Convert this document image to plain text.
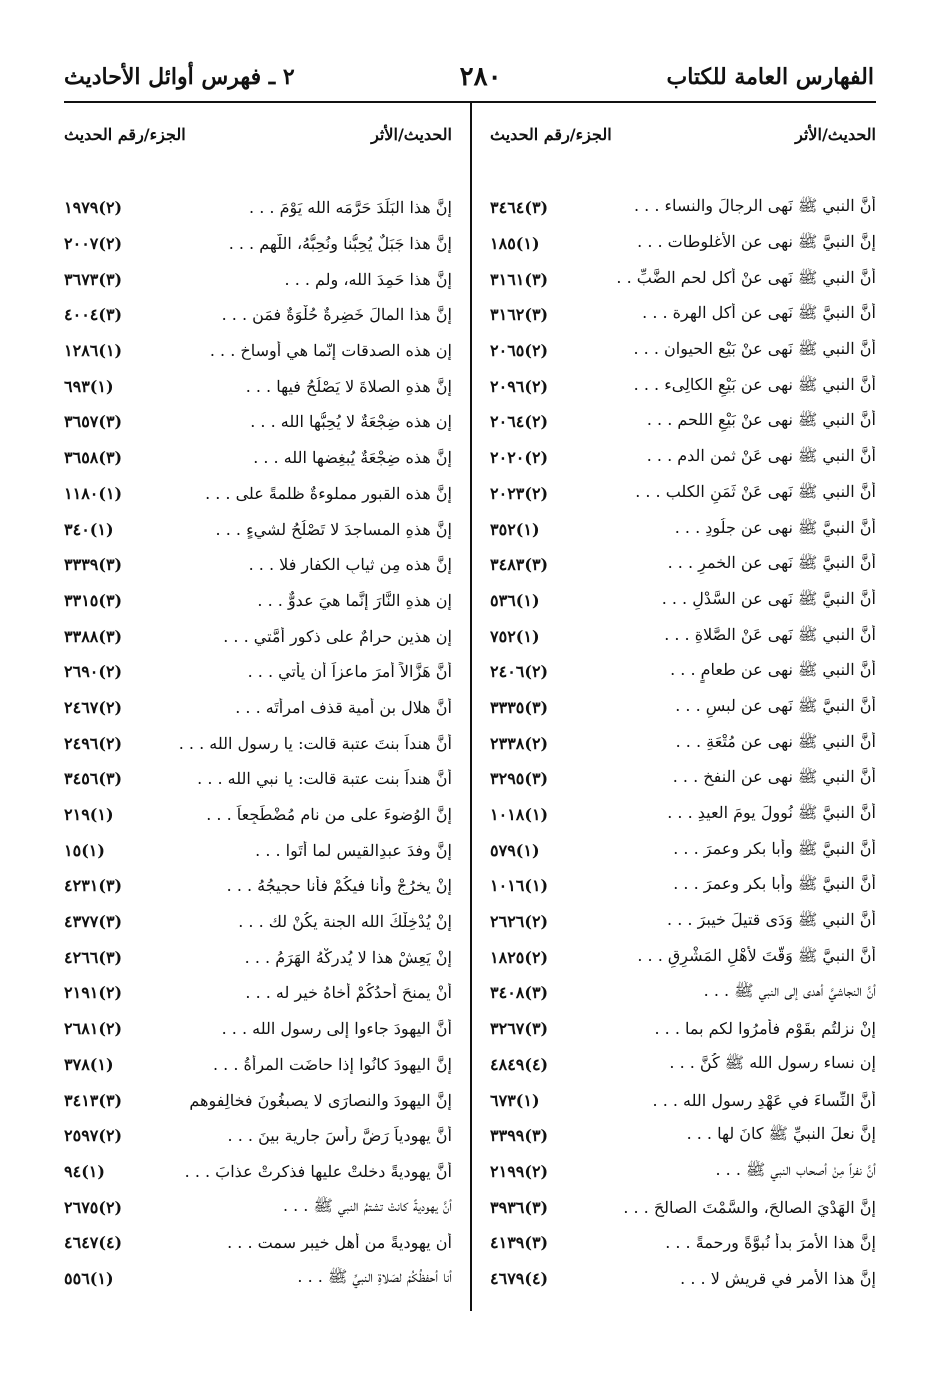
الفهارس العامة للكتاب
٢٨٠
٢ ـ فهرس أوائل الأحاديث
الحديث/الأثر
الجزء/رقم الحديث
الحديث/الأثر
الجزء/رقم الحديث
أنَّ النبي ﷺ نَهى الرجالَ والنساء . . .
(٣)٣٤٦٤
إنَّ النبيَّ ﷺ نهى عن الأغلوطات . . .
(١)١٨٥
أنَّ النبي ﷺ نَهى عنْ أكل لحم الضَّبِّ . .
(٣)٣١٦١
أنَّ النبيَّ ﷺ نَهى عن أكل الهرة . . .
(٣)٣١٦٢
أنَّ النبي ﷺ نَهى عنْ بَيْع الحيوان . . .
(٢)٢٠٦٥
أنَّ النبي ﷺ نهى عن بَيْعِ الكالِىء . . .
(٢)٢٠٩٦
أنَّ النبي ﷺ نهى عنْ بَيْعِ اللحم . . .
(٢)٢٠٦٤
أنَّ النبي ﷺ نهى عَنْ ثمن الدم . . .
(٢)٢٠٢٠
أنَّ النبي ﷺ نَهى عَنْ ثَمَنِ الكلب . . .
(٢)٢٠٢٣
أنَّ النبيَّ ﷺ نهى عن جلُودِ . . .
(١)٣٥٢
أنَّ النبيَّ ﷺ نَهى عن الخمرِ . . .
(٣)٣٤٨٣
أنَّ النبيَّ ﷺ نَهى عن السَّدْلِ . . .
(١)٥٣٦
أنَّ النبي ﷺ نَهى عَنْ الصَّلاةِ . . .
(١)٧٥٢
أنَّ النبي ﷺ نهى عن طعامٍ . . .
(٢)٢٤٠٦
أنَّ النبيَّ ﷺ نَهى عن لبسِ . . .
(٣)٣٣٣٥
أنَّ النبي ﷺ نهى عن مُتْعَةِ . . .
(٢)٢٣٣٨
أنَّ النبي ﷺ نهى عن النفخ . . .
(٣)٣٢٩٥
أنَّ النبيَّ ﷺ نُوولَ يومَ العيدِ . . .
(١)١٠١٨
أنَّ النبيَّ ﷺ وأبا بكر وعمرَ . . .
(١)٥٧٩
أنَّ النبيَّ ﷺ وأبا بكر وعمرَ . . .
(١)١٠١٦
أنَّ النبي ﷺ وَدَى قتيلَ خيبرَ . . .
(٢)٢٦٢٦
أنَّ النبيَّ ﷺ وَقَّتَ لأهْلِ المَشْرِقِ . . .
(٢)١٨٢٥
أنَّ النجاشيَّ أهدى إلى النبي ﷺ . . .
(٣)٣٤٠٨
إنْ نزلتُم بقَوْمٍ فأمرُوا لكم بما . . .
(٣)٣٢٦٧
إن نساء رسول الله ﷺ كُنَّ . . .
(٤)٤٨٤٩
أنَّ النِّساءَ في عَهْدِ رسولِ الله . . .
(١)٦٧٣
إنَّ نعلَ النبيِّ ﷺ كانَ لها . . .
(٣)٣٣٩٩
أنَّ نفراً مِنْ أصحاب النبي ﷺ . . .
(٢)٢١٩٩
إنَّ الهَدْيَ الصالحَ، والسَّمْتَ الصالحَ . . .
(٣)٣٩٣٦
إنَّ هذا الأمرَ بدأ نُبوَّةً ورحمةً . . .
(٣)٤١٣٩
إنَّ هذا الأمر في قريشٍ لا . . .
(٤)٤٦٧٩
إنَّ هذا البَلَدَ حَرَّمَه الله يَوْمَ . . .
(٢)١٩٧٩
إنَّ هذا جَبَلٌ يُحِبُّنا ونُحِبُّهُ، اللَّهم . . .
(٢)٢٠٠٧
إنَّ هذا حَمِدَ الله، ولم . . .
(٣)٣٦٧٣
إنَّ هذا المالَ خَضِرةٌ حُلْوَةٌ فمَن . . .
(٣)٤٠٠٤
إن هذه الصدقات إنّما هي أوساخ . . .
(١)١٢٨٦
إنَّ هذهِ الصلاةَ لا يَصْلُحُ فيها . . .
(١)٦٩٣
إن هذه ضِجْعَةٌ لا يُحِبُّها الله . . .
(٣)٣٦٥٧
إنَّ هذه ضِجْعَةٌ يُبغِضها الله . . .
(٣)٣٦٥٨
إنَّ هذه القبور مملوءةٌ ظلمةً على . . .
(١)١١٨٠
إنَّ هذهِ المساجدَ لا تَصْلُحُ لشيءٍ . . .
(١)٣٤٠
إنَّ هذه مِن ثيابِ الكفارِ فلا . . .
(٣)٣٣٣٩
إن هذهِ النَّارَ إنَّما هيَ عدوٌّ . . .
(٣)٣٣١٥
إن هذين حرامٌ على ذكورِ أُمَّتي . . .
(٣)٣٣٨٨
أنَّ هَزَّالاً أمرَ ماعزاً أن يأتي . . .
(٢)٢٦٩٠
أنَّ هلال بن أُمية قذف امرأتَه . . .
(٢)٢٤٦٧
أنَّ هنداً بنتَ عتبة قالت: يا رسول الله . . .
(٢)٢٤٩٦
أنَّ هنداً بنت عتبة قالت: يا نبي الله . . .
(٣)٣٤٥٦
إنَّ الوُضوءَ على من نام مُضْطَجِعاً . . .
(١)٢١٩
إنَّ وفدَ عبدِالقيس لما أتَوا . . .
(١)١٥
إنْ يخرُجْ وأنا فيكُمْ فأنا حجيجُهُ . . .
(٣)٤٢٣١
إنْ يُدْخِلْكَ الله الجنة يكُنْ لك . . .
(٣)٤٣٧٧
إنْ يَعِشْ هذا لا يُدرِكْهُ الهَرَمُ . . .
(٣)٤٢٦٦
أنْ يمنحَ أحدُكُمْ أخاهُ خير له . . .
(٢)٢١٩١
أنَّ اليهودَ جاءوا إلى رسول الله . . .
(٢)٢٦٨١
إنَّ اليهودَ كانُوا إذا حاضَت المرأةُ . . .
(١)٣٧٨
إنَّ اليهودَ والنصارَى لا يصبغُونَ فخالِفوهم
(٣)٣٤١٣
أنَّ يهودياً رَضَّ رأسَ جارية بينَ . . .
(٢)٢٥٩٧
أنَّ يهوديةً دخلتْ عليها فذكرتْ عذابَ . . .
(١)٩٤
أنَّ يهوديةً كانتْ تشتمُ النبي ﷺ . . .
(٢)٢٦٧٥
أن يهوديةً من أهل خيبر سمت . . .
(٤)٤٦٤٧
أنا أحفظُكُمْ لصَلاةِ النبيِّ ﷺ . . .
(١)٥٥٦
